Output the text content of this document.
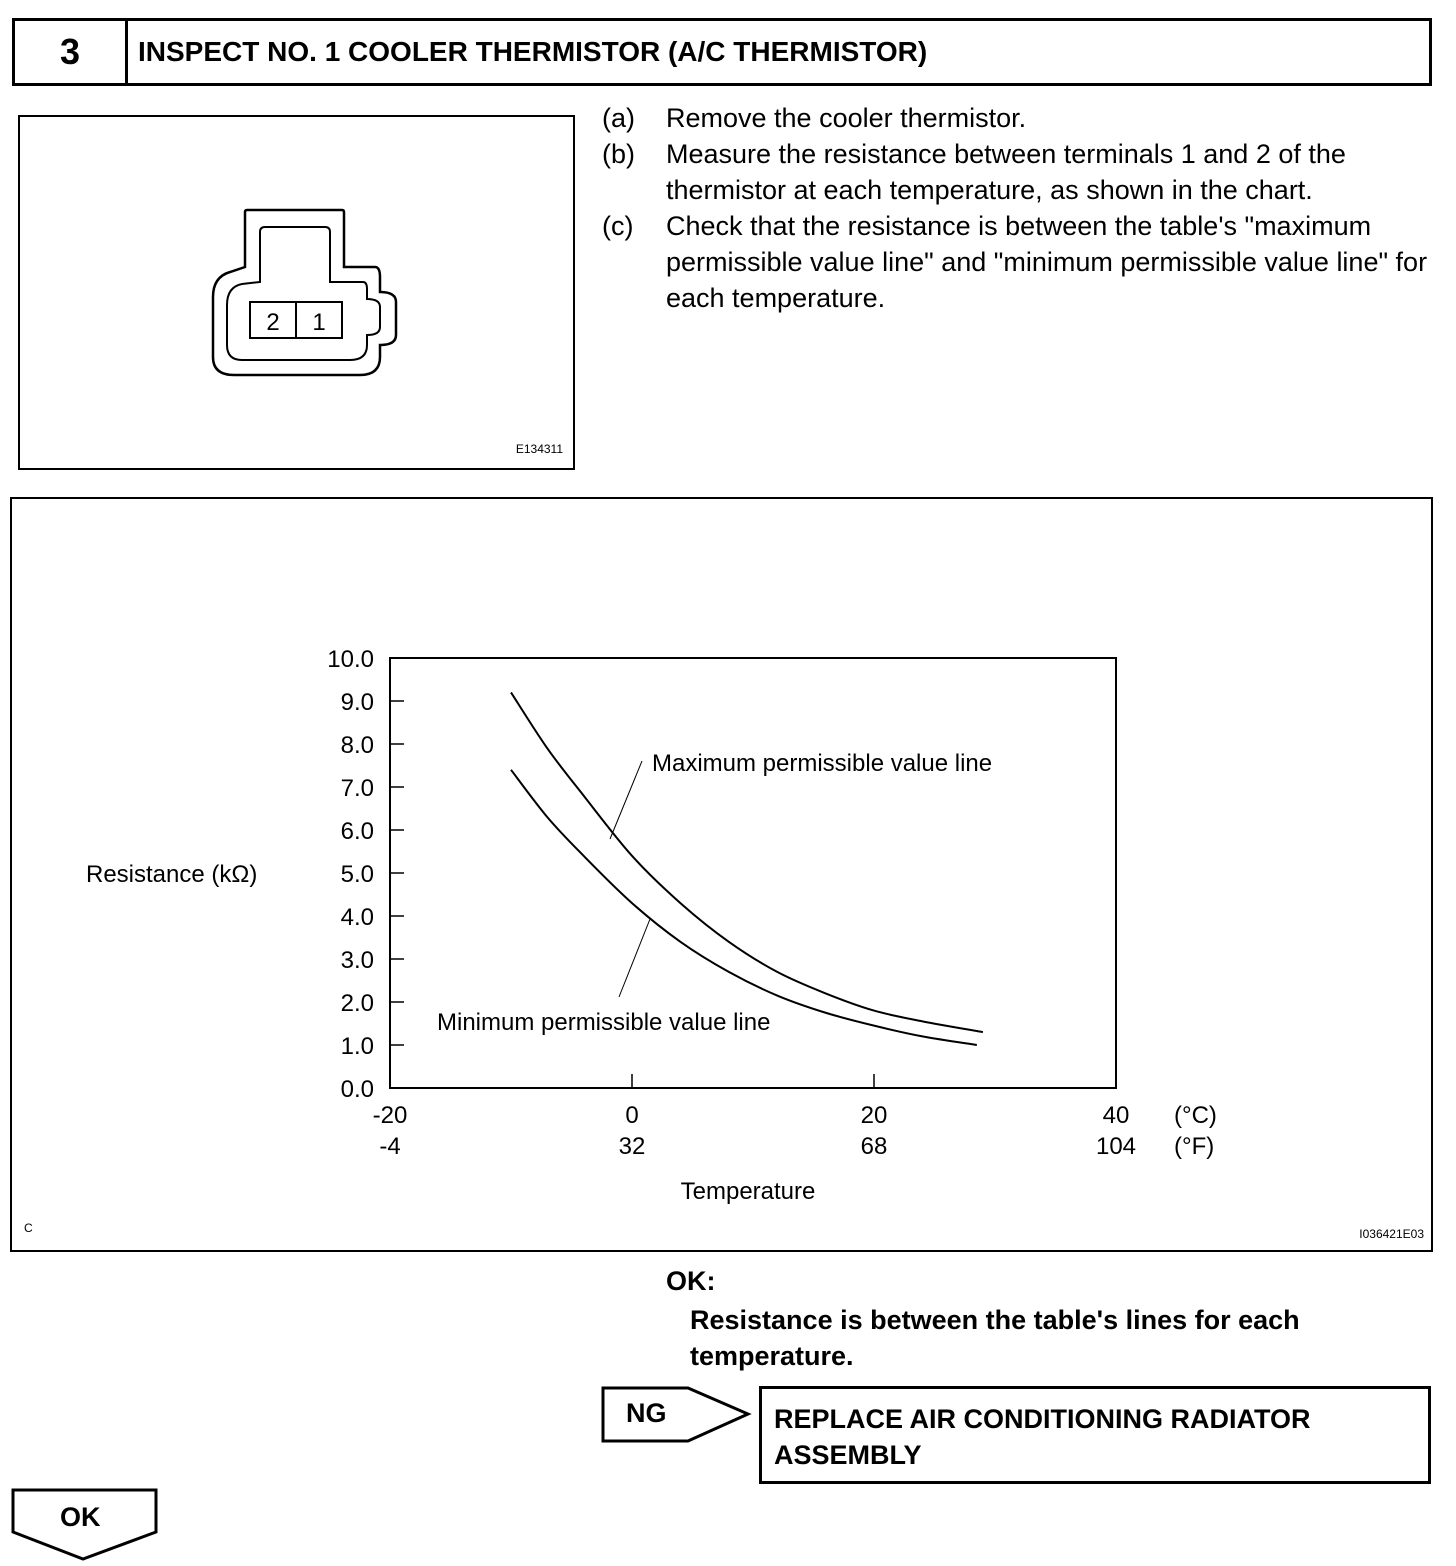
3	INSPECT NO. 1 COOLER THERMISTOR (A/C THERMISTOR)
2 1
E134311
(a)	Remove the cooler thermistor.
(b)	Measure the resistance between terminals 1 and 2 of the thermistor at each temperature, as shown in the chart.
(c)	Check that the resistance is between the table's "maximum permissible value line" and "minimum permissible value line" for each temperature.
Resistance (kΩ)
Temperature
C	I036421E03
0.0
1.0
2.0
3.0
4.0
5.0
6.0
7.0
8.0
9.0
10.0
-20
-4
0
32
20
68
40
104
(°C)
(°F)
Maximum permissible value line
Minimum permissible value line
OK:
Resistance is between the table's lines for each temperature.
NG	REPLACE AIR CONDITIONING RADIATOR ASSEMBLY
OK
